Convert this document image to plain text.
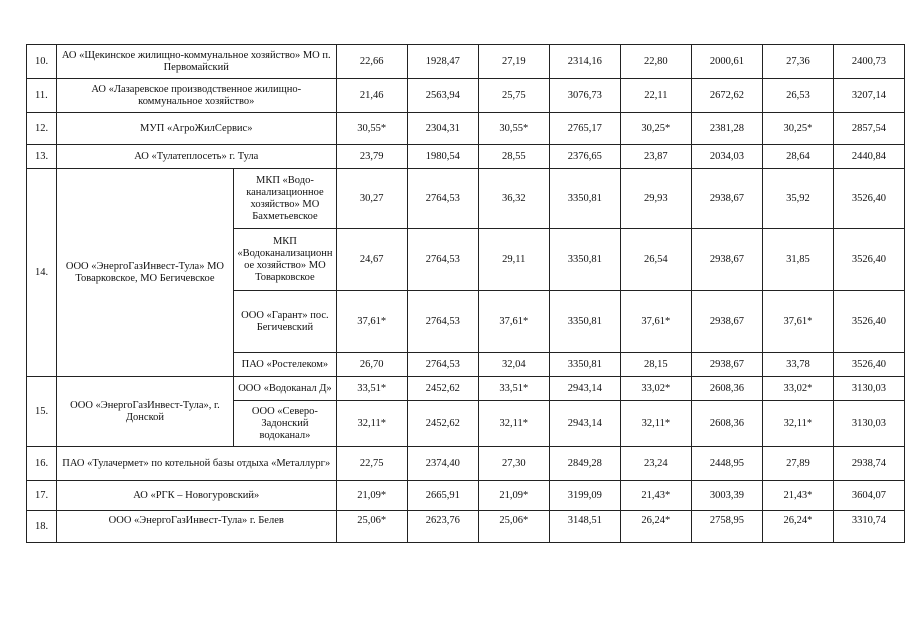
10.	АО «Щекинское жилищно-коммунальное хозяйство» МО п. Первомайский		22,66	1928,47	27,19	2314,16	22,80	2000,61	27,36	2400,73
11.	АО «Лазаревское производственное жилищно-коммунальное хозяйство»		21,46	2563,94	25,75	3076,73	22,11	2672,62	26,53	3207,14
12.	МУП «АгроЖилСервис»		30,55*	2304,31	30,55*	2765,17	30,25*	2381,28	30,25*	2857,54
13.	АО «Тулатеплосеть» г. Тула		23,79	1980,54	28,55	2376,65	23,87	2034,03	28,64	2440,84
14.	ООО «ЭнергоГазИнвест-Тула» МО Товарковское, МО Бегичевское	МКП «Водо-канализационное хозяйство» МО Бахметьевское	30,27	2764,53	36,32	3350,81	29,93	2938,67	35,92	3526,40
		МКП «Водоканализационн ое хозяйство» МО Товарковское	24,67	2764,53	29,11	3350,81	26,54	2938,67	31,85	3526,40
		ООО «Гарант» пос. Бегичевский	37,61*	2764,53	37,61*	3350,81	37,61*	2938,67	37,61*	3526,40
		ПАО «Ростелеком»	26,70	2764,53	32,04	3350,81	28,15	2938,67	33,78	3526,40
15.	ООО «ЭнергоГазИнвест-Тула», г. Донской	ООО «Водоканал Д»	33,51*	2452,62	33,51*	2943,14	33,02*	2608,36	33,02*	3130,03
		ООО «Северо-Задонский водоканал»	32,11*	2452,62	32,11*	2943,14	32,11*	2608,36	32,11*	3130,03
16.	ПАО «Тулачермет» по котельной базы отдыха «Металлург»		22,75	2374,40	27,30	2849,28	23,24	2448,95	27,89	2938,74
17.	АО «РГК – Новогуровский»		21,09*	2665,91	21,09*	3199,09	21,43*	3003,39	21,43*	3604,07
18.	ООО «ЭнергоГазИнвест-Тула» г. Белев		25,06*	2623,76	25,06*	3148,51	26,24*	2758,95	26,24*	3310,74
